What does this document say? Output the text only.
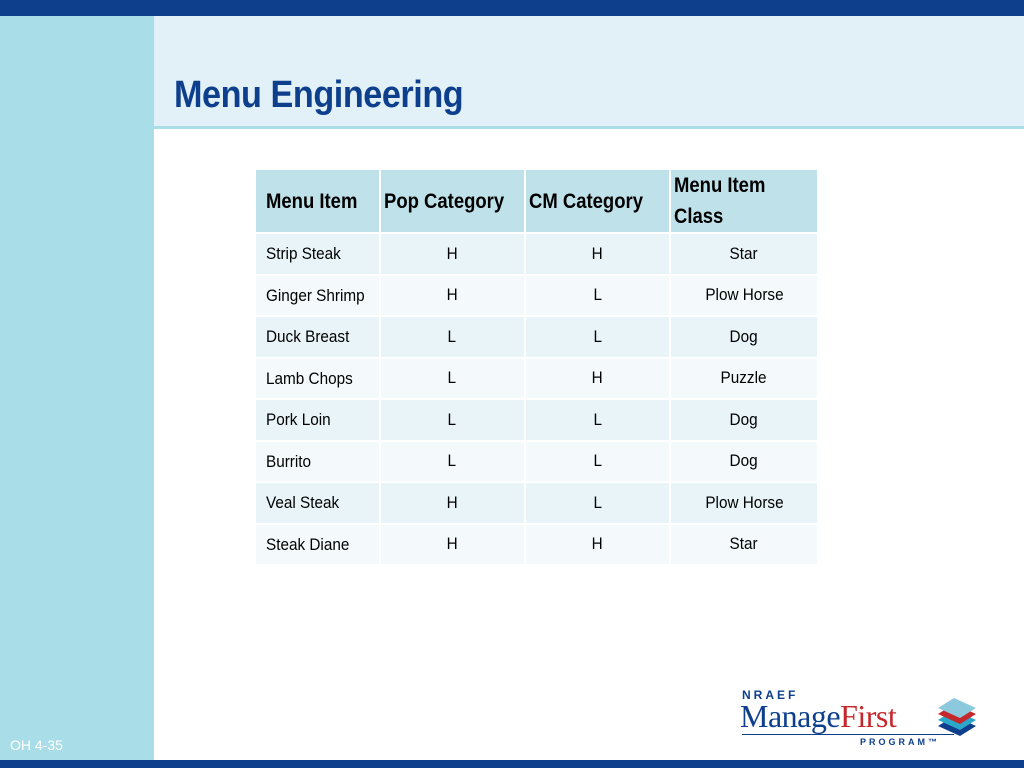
Menu Engineering
Menu Item	Pop Category	CM Category	Menu Item Class
Strip Steak	H	H	Star
Ginger Shrimp	H	L	Plow Horse
Duck Breast	L	L	Dog
Lamb Chops	L	H	Puzzle
Pork Loin	L	L	Dog
Burrito	L	L	Dog
Veal Steak	H	L	Plow Horse
Steak Diane	H	H	Star
OH 4-35
NRAEF
ManageFirst
PROGRAM™
